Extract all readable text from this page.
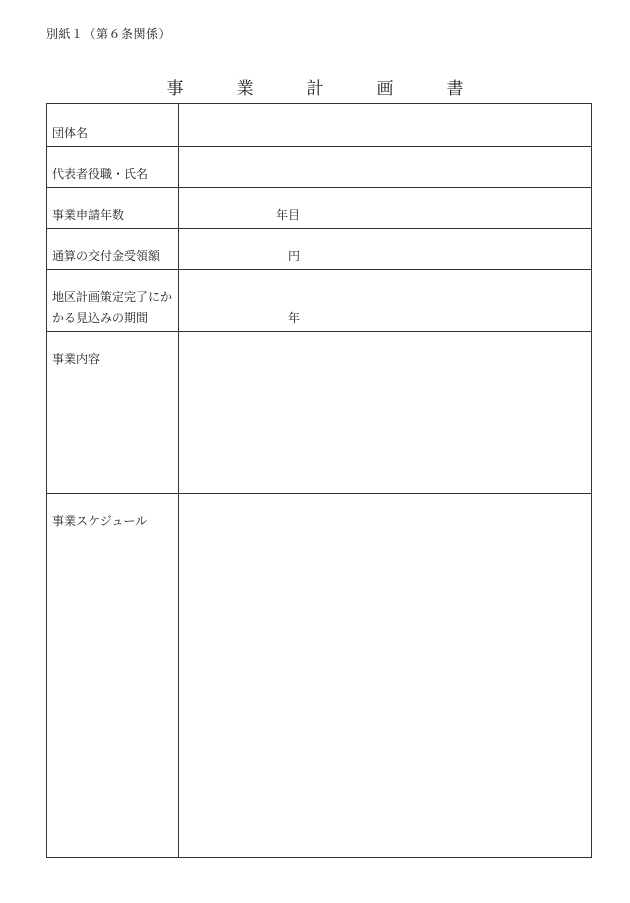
別紙１（第６条関係）
事　業　計　画　書
団体名	
代表者役職・氏名	
事業申請年数	年目

通算の交付金受領額	円

地区計画策定完了にか
かる見込みの期間	年

事業内容	
事業スケジュール	
